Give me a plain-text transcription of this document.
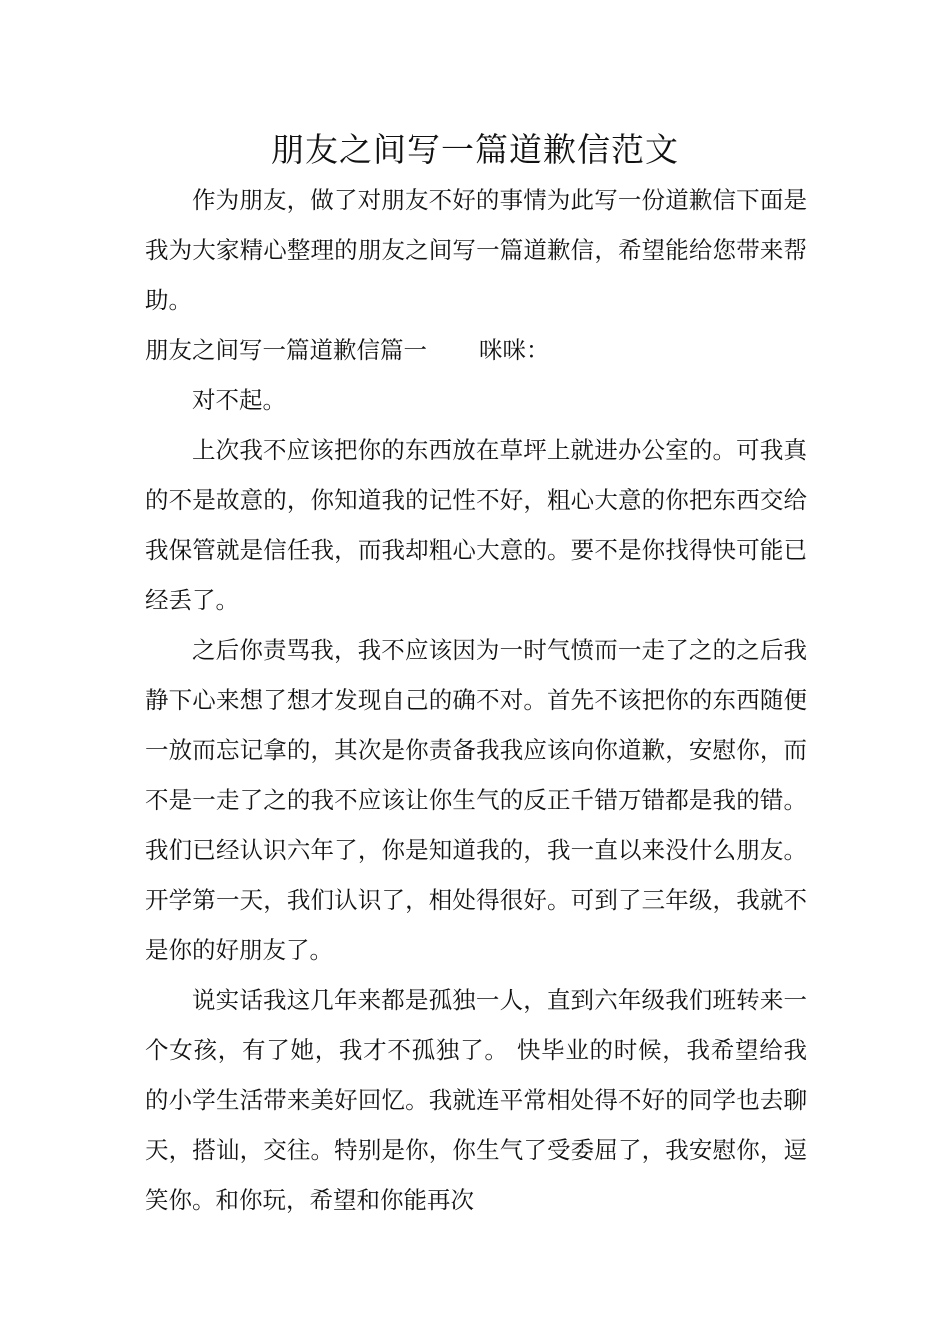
朋友之间写一篇道歉信范文

作为朋友，做了对朋友不好的事情为此写一份道歉信下面是我为大家精心整理的朋友之间写一篇道歉信，希望能给您带来帮助。

朋友之间写一篇道歉信篇一 咪咪：

对不起。

上次我不应该把你的东西放在草坪上就进办公室的。可我真的不是故意的，你知道我的记性不好，粗心大意的你把东西交给我保管就是信任我，而我却粗心大意的。要不是你找得快可能已经丢了。

之后你责骂我，我不应该因为一时气愤而一走了之的之后我静下心来想了想才发现自己的确不对。首先不该把你的东西随便一放而忘记拿的，其次是你责备我我应该向你道歉，安慰你，而不是一走了之的我不应该让你生气的反正千错万错都是我的错。我们已经认识六年了，你是知道我的，我一直以来没什么朋友。开学第一天，我们认识了，相处得很好。可到了三年级，我就不是你的好朋友了。

说实话我这几年来都是孤独一人，直到六年级我们班转来一个女孩，有了她，我才不孤独了。 快毕业的时候，我希望给我的小学生活带来美好回忆。我就连平常相处得不好的同学也去聊天，搭讪，交往。特别是你，你生气了受委屈了，我安慰你，逗笑你。和你玩，希望和你能再次
